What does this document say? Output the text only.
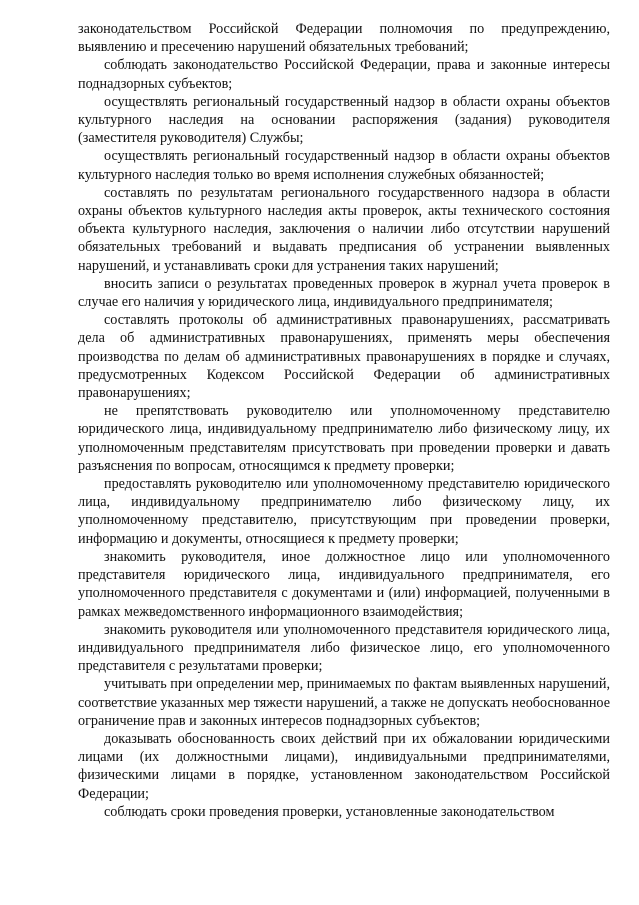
законодательством Российской Федерации полномочия по предупреждению, выявлению и пресечению нарушений обязательных требований;

соблюдать законодательство Российской Федерации, права и законные интересы поднадзорных субъектов;

осуществлять региональный государственный надзор в области охраны объектов культурного наследия на основании распоряжения (задания) руководителя (заместителя руководителя) Службы;

осуществлять региональный государственный надзор в области охраны объектов культурного наследия только во время исполнения служебных обязанностей;

составлять по результатам регионального государственного надзора в области охраны объектов культурного наследия акты проверок, акты технического состояния объекта культурного наследия, заключения о наличии либо отсутствии нарушений обязательных требований и выдавать предписания об устранении выявленных нарушений, и устанавливать сроки для устранения таких нарушений;

вносить записи о результатах проведенных проверок в журнал учета проверок в случае его наличия у юридического лица, индивидуального предпринимателя;

составлять протоколы об административных правонарушениях, рассматривать дела об административных правонарушениях, применять меры обеспечения производства по делам об административных правонарушениях в порядке и случаях, предусмотренных Кодексом Российской Федерации об административных правонарушениях;

не препятствовать руководителю или уполномоченному представителю юридического лица, индивидуальному предпринимателю либо физическому лицу, их уполномоченным представителям присутствовать при проведении проверки и давать разъяснения по вопросам, относящимся к предмету проверки;

предоставлять руководителю или уполномоченному представителю юридического лица, индивидуальному предпринимателю либо физическому лицу, их уполномоченному представителю, присутствующим при проведении проверки, информацию и документы, относящиеся к предмету проверки;

знакомить руководителя, иное должностное лицо или уполномоченного представителя юридического лица, индивидуального предпринимателя, его уполномоченного представителя с документами и (или) информацией, полученными в рамках межведомственного информационного взаимодействия;

знакомить руководителя или уполномоченного представителя юридического лица, индивидуального предпринимателя либо физическое лицо, его уполномоченного представителя с результатами проверки;

учитывать при определении мер, принимаемых по фактам выявленных нарушений, соответствие указанных мер тяжести нарушений, а также не допускать необоснованное ограничение прав и законных интересов поднадзорных субъектов;

доказывать обоснованность своих действий при их обжаловании юридическими лицами (их должностными лицами), индивидуальными предпринимателями, физическими лицами в порядке, установленном законодательством Российской Федерации;

соблюдать сроки проведения проверки, установленные законодательством
